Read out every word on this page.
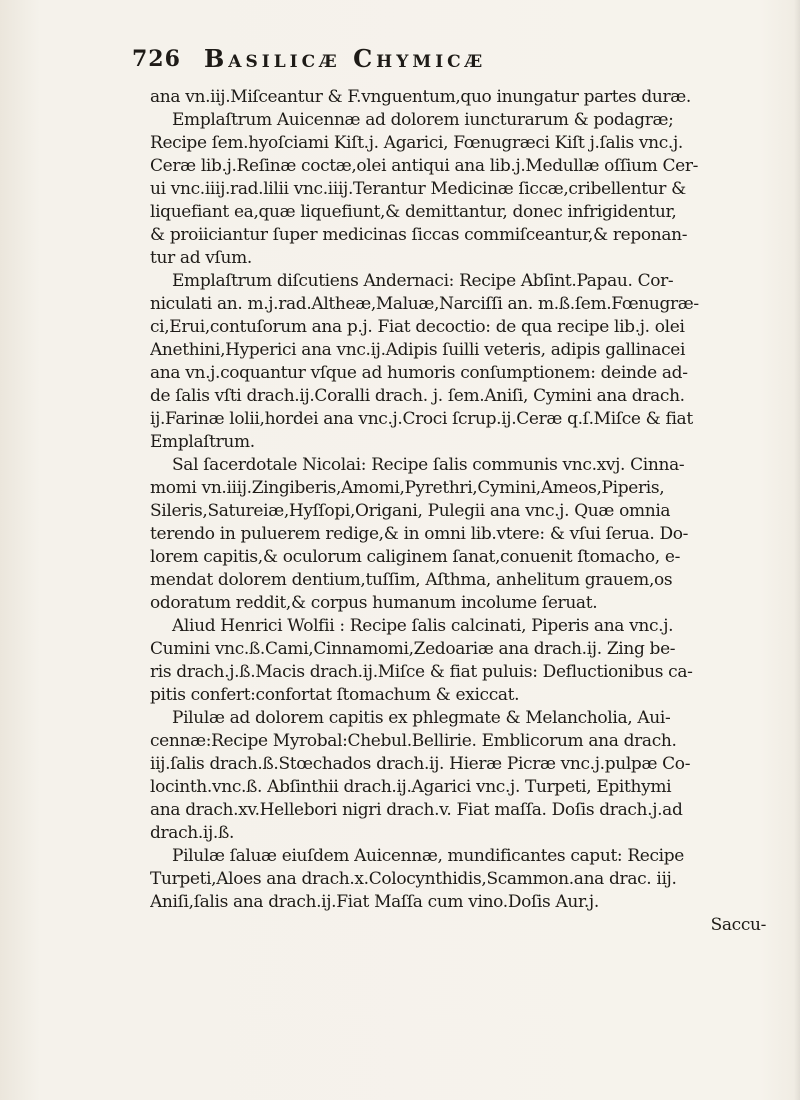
726 Basilicæ Chymicæ
ana vn.iij.Miſceantur & F.vnguentum,quo inungatur partes duræ.
Emplaſtrum Auicennæ ad dolorem iuncturarum & podagræ;
Recipe ſem.hyoſciami Kiſt.j. Agarici, Fœnugræci Kiſt j.ſalis vnc.j.
Ceræ lib.j.Reſinæ coctæ,olei antiqui ana lib.j.Medullæ oſſium Cer-
ui vnc.iiij.rad.lilii vnc.iiij.Terantur Medicinæ ſiccæ,cribellentur &
liquefiant ea,quæ liquefiunt,& demittantur, donec infrigidentur,
& proiiciantur ſuper medicinas ſiccas commiſceantur,& reponan-
tur ad vſum.
Emplaſtrum diſcutiens Andernaci: Recipe Abſint.Papau. Cor-
niculati an. m.j.rad.Altheæ,Maluæ,Narciſſi an. m.ß.ſem.Fœnugræ-
ci,Erui,contuſorum ana p.j. Fiat decoctio: de qua recipe lib.j. olei
Anethini,Hyperici ana vnc.ij.Adipis ſuilli veteris, adipis gallinacei
ana vn.j.coquantur vſque ad humoris conſumptionem: deinde ad-
de ſalis vſti drach.ij.Coralli drach. j. ſem.Aniſi, Cymini ana drach.
ij.Farinæ lolii,hordei ana vnc.j.Croci ſcrup.ij.Ceræ q.ſ.Miſce & fiat
Emplaſtrum.
Sal ſacerdotale Nicolai: Recipe ſalis communis vnc.xvj. Cinna-
momi vn.iiij.Zingiberis,Amomi,Pyrethri,Cymini,Ameos,Piperis,
Sileris,Satureiæ,Hyſſopi,Origani, Pulegii ana vnc.j. Quæ omnia
terendo in puluerem redige,& in omni lib.vtere: & vſui ſerua. Do-
lorem capitis,& oculorum caliginem ſanat,conuenit ſtomacho, e-
mendat dolorem dentium,tuſſim, Aſthma, anhelitum grauem,os
odoratum reddit,& corpus humanum incolume ſeruat.
Aliud Henrici Wolfii : Recipe ſalis calcinati, Piperis ana vnc.j.
Cumini vnc.ß.Cami,Cinnamomi,Zedoariæ ana drach.ij. Zing be-
ris drach.j.ß.Macis drach.ij.Miſce & fiat puluis: Defluctionibus ca-
pitis confert:confortat ſtomachum & exiccat.
Pilulæ ad dolorem capitis ex phlegmate & Melancholia, Aui-
cennæ:Recipe Myrobal:Chebul.Bellirie. Emblicorum ana drach.
iij.ſalis drach.ß.Stœchados drach.ij. Hieræ Picræ vnc.j.pulpæ Co-
locinth.vnc.ß. Abſinthii drach.ij.Agarici vnc.j. Turpeti, Epithymi
ana drach.xv.Hellebori nigri drach.v. Fiat maſſa. Doſis drach.j.ad
drach.ij.ß.
Pilulæ ſaluæ eiuſdem Auicennæ, mundificantes caput: Recipe
Turpeti,Aloes ana drach.x.Colocynthidis,Scammon.ana drac. iij.
Aniſi,ſalis ana drach.ij.Fiat Maſſa cum vino.Doſis Aur.j.
Saccu-
